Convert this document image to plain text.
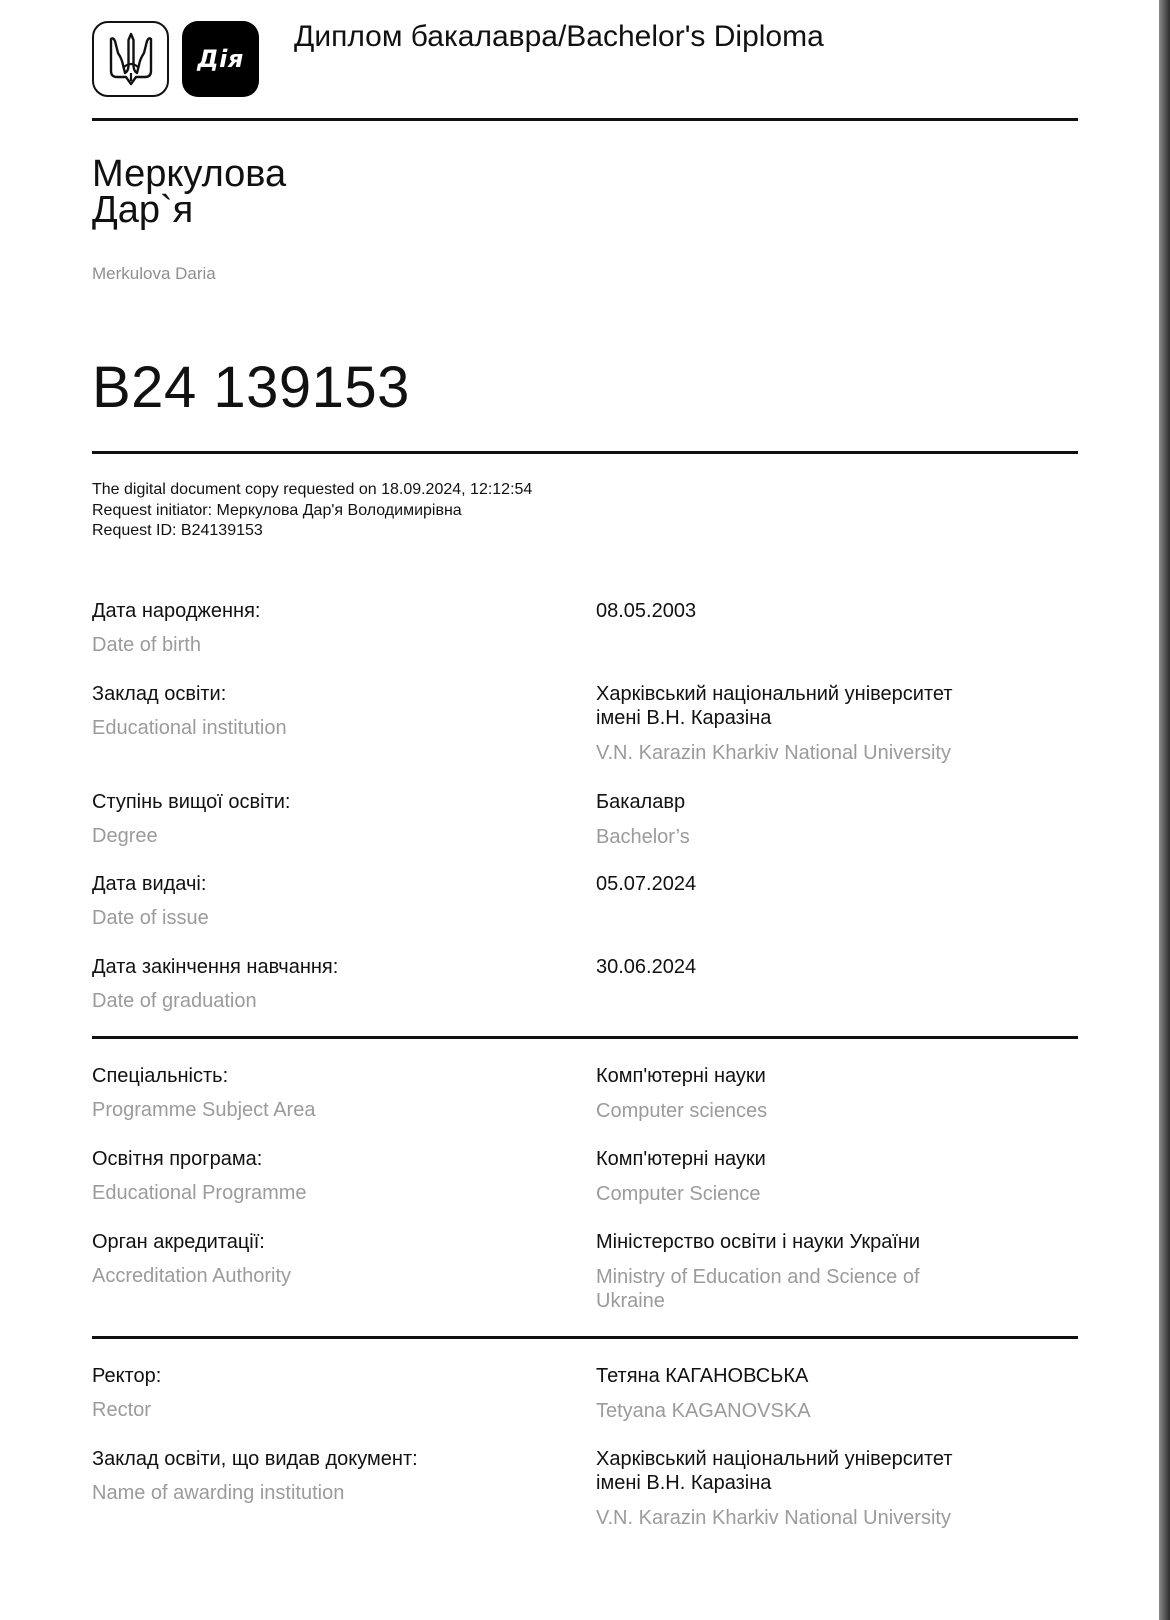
Дія
Диплом бакалавра/Bachelor's Diploma
Меркулова
Дар`я
Merkulova Daria
B24 139153
The digital document copy requested on 18.09.2024, 12:12:54
Request initiator: Меркулова Дар'я Володимирівна
Request ID: B24139153
Дата народження:
Date of birth
08.05.2003
Заклад освіти:
Educational institution
Харківський національний університет
імені В.Н. Каразіна
V.N. Karazin Kharkiv National University
Ступінь вищої освіти:
Degree
Бакалавр
Bachelor’s
Дата видачі:
Date of issue
05.07.2024
Дата закінчення навчання:
Date of graduation
30.06.2024
Спеціальність:
Programme Subject Area
Комп'ютерні науки
Computer sciences
Освітня програма:
Educational Programme
Комп'ютерні науки
Computer Science
Орган акредитації:
Accreditation Authority
Міністерство освіти і науки України
Ministry of Education and Science of
Ukraine
Ректор:
Rector
Тетяна КАГАНОВСЬКА
Tetyana KAGANOVSKA
Заклад освіти, що видав документ:
Name of awarding institution
Харківський національний університет
імені В.Н. Каразіна
V.N. Karazin Kharkiv National University
